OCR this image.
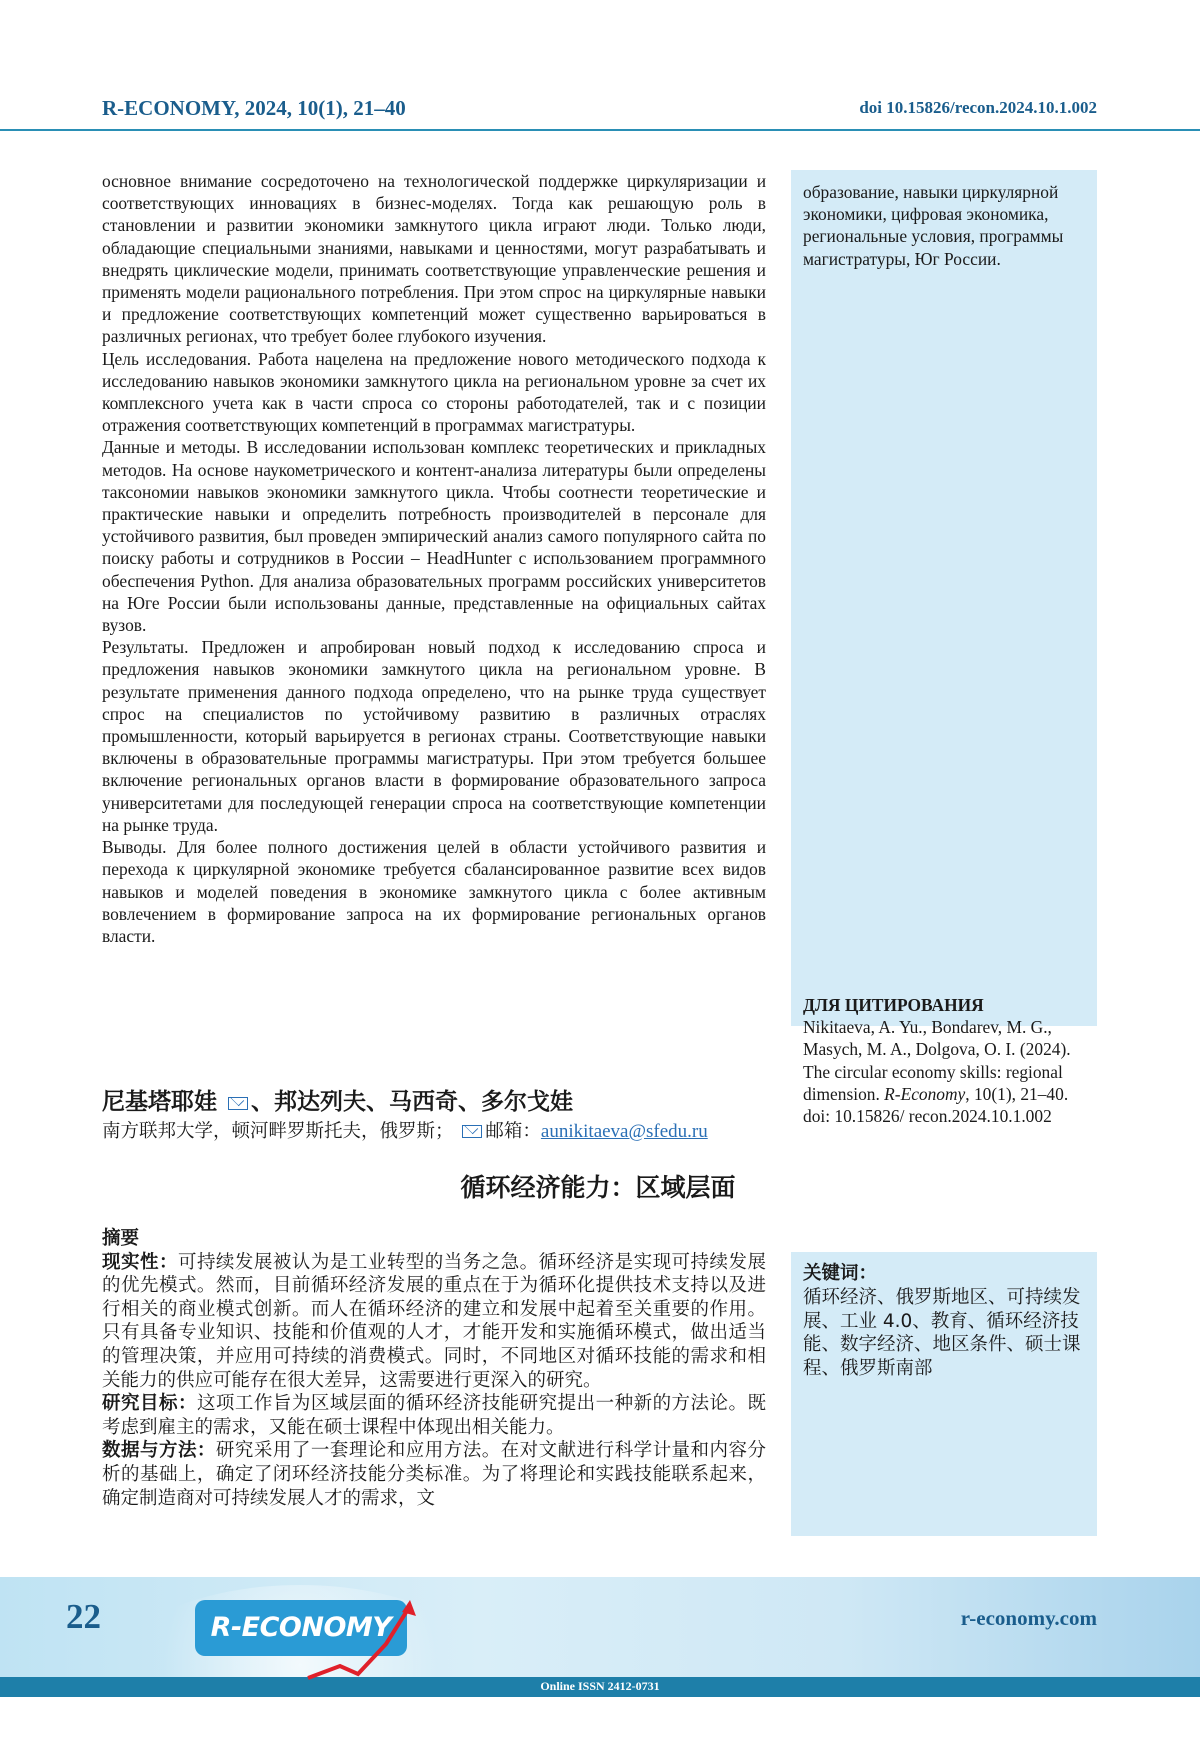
R-ECONOMY, 2024, 10(1), 21–40	doi 10.15826/recon.2024.10.1.002

основное внимание сосредоточено на технологической поддержке цирку­ляризации и соответствующих инновациях в бизнес-моделях. Тогда как решающую роль в становлении и развитии экономики замкнутого цикла играют люди. Только люди, обладающие специальными знаниями, навы­ками и ценностями, могут разрабатывать и внедрять циклические модели, принимать соответствующие управленческие решения и применять моде­ли рационального потребления. При этом спрос на циркулярные навыки и предложение соответствующих компетенций может существенно варьи­роваться в различных регионах, что требует более глубокого изучения.

Цель исследования. Работа нацелена на предложение нового методиче­ского подхода к исследованию навыков экономики замкнутого цикла на региональном уровне за счет их комплексного учета как в части спроса со стороны работодателей, так и с позиции отражения соответствующих компетенций в программах магистратуры.

Данные и методы. В исследовании использован комплекс теоретических и прикладных методов. На основе наукометрического и контент-анали­за литературы были определены таксономии навыков экономики зам­кнутого цикла. Чтобы соотнести теоретические и практические навыки и определить потребность производителей в персонале для устойчивого развития, был проведен эмпирический анализ самого популярного сай­та по поиску работы и сотрудников в России – HeadHunter с использова­нием программного обеспечения Python. Для анализа образовательных программ российских университетов на Юге России были использованы данные, представленные на официальных сайтах вузов.

Результаты. Предложен и апробирован новый подход к исследованию спроса и предложения навыков экономики замкнутого цикла на регио­нальном уровне. В результате применения данного подхода определено, что на рынке труда существует спрос на специалистов по устойчивому развитию в различных отраслях промышленности, который варьируется в регионах страны. Соответствующие навыки включены в образователь­ные программы магистратуры. При этом требуется большее включение региональных органов власти в формирование образовательного запро­са университетами для последующей генерации спроса на соответствую­щие компетенции на рынке труда.

Выводы. Для более полного достижения целей в области устойчивого раз­вития и перехода к циркулярной экономике требуется сбалансированное развитие всех видов навыков и моделей поведения в экономике замкну­того цикла с более активным вовлечением в формирование запроса на их формирование региональных органов власти.

образование, навыки циркулярной экономики, цифровая экономика, региональные условия, программы магистратуры, Юг России.
ДЛЯ ЦИТИРОВАНИЯ
Nikitaeva, A. Yu., Bondarev, M. G., Masych, M. A., Dolgova, O. I. (2024). The circular economy skills: regional dimension. R-Economy, 10(1), 21–40. doi: 10.15826/ recon.2024.10.1.002
尼基塔耶娃 、邦达列夫、马西奇、多尔戈娃
南方联邦大学，顿河畔罗斯托夫，俄罗斯； 邮箱：aunikitaeva@sfedu.ru
循环经济能力：区域层面
摘要

现实性：可持续发展被认为是工业转型的当务之急。循环经济是实现可持续发展的优先模式。然而，目前循环经济发展的重点在于为循环化提供技术支持以及进行相关的商业模式创新。而人在循环经济的建立和发展中起着至关重要的作用。只有具备专业知识、技能和价值观的人才，才能开发和实施循环模式，做出适当的管理决策，并应用可持续的消费模式。同时，不同地区对循环技能的需求和相关能力的供应可能存在很大差异，这需要进行更深入的研究。

研究目标：这项工作旨为区域层面的循环经济技能研究提出一种新的方法论。既考虑到雇主的需求，又能在硕士课程中体现出相关能力。

数据与方法：研究采用了一套理论和应用方法。在对文献进行科学计量和内容分析的基础上，确定了闭环经济技能分类标准。为了将理论和实践技能联系起来，确定制造商对可持续发展人才的需求，文

关键词：
循环经济、俄罗斯地区、可持续发展、工业 4.0、教育、循环经济技能、数字经济、地区条件、硕士课程、俄罗斯南部
Online ISSN 2412-0731
22	R-ECONOMY	r-economy.com
